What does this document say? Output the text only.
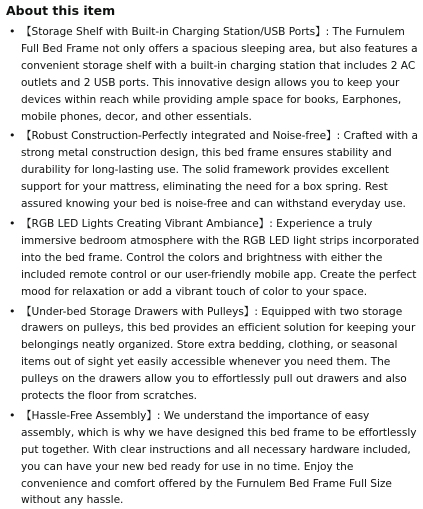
About this item
• 【Storage Shelf with Built-in Charging Station/USB Ports】: The Furnulem Full Bed Frame not only offers a spacious sleeping area, but also features a convenient storage shelf with a built-in charging station that includes 2 AC outlets and 2 USB ports. This innovative design allows you to keep your devices within reach while providing ample space for books, Earphones, mobile phones, decor, and other essentials.
• 【Robust Construction-Perfectly integrated and Noise-free】: Crafted with a strong metal construction design, this bed frame ensures stability and durability for long-lasting use. The solid framework provides excellent support for your mattress, eliminating the need for a box spring. Rest assured knowing your bed is noise-free and can withstand everyday use.
• 【RGB LED Lights Creating Vibrant Ambiance】: Experience a truly immersive bedroom atmosphere with the RGB LED light strips incorporated into the bed frame. Control the colors and brightness with either the included remote control or our user-friendly mobile app. Create the perfect mood for relaxation or add a vibrant touch of color to your space.
• 【Under-bed Storage Drawers with Pulleys】: Equipped with two storage drawers on pulleys, this bed provides an efficient solution for keeping your belongings neatly organized. Store extra bedding, clothing, or seasonal items out of sight yet easily accessible whenever you need them. The pulleys on the drawers allow you to effortlessly pull out drawers and also protects the floor from scratches.
• 【Hassle-Free Assembly】: We understand the importance of easy assembly, which is why we have designed this bed frame to be effortlessly put together. With clear instructions and all necessary hardware included, you can have your new bed ready for use in no time. Enjoy the convenience and comfort offered by the Furnulem Bed Frame Full Size without any hassle.
